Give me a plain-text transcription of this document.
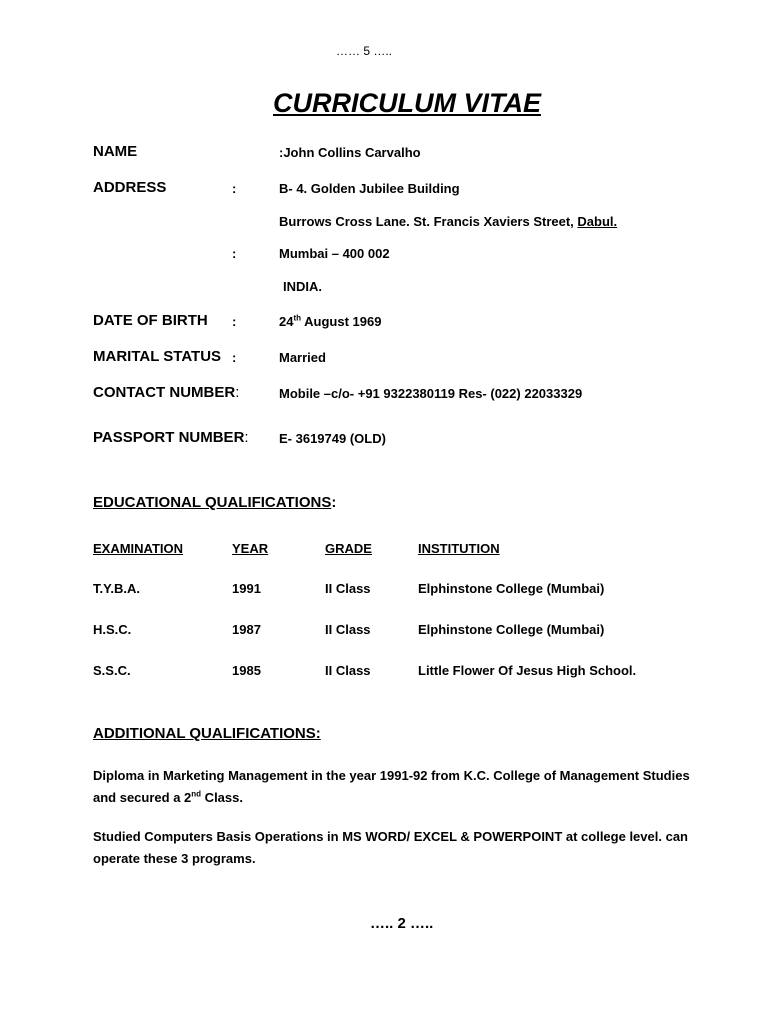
…… 5 …..
CURRICULUM VITAE
NAME	:John Collins Carvalho
ADDRESS	:	B- 4. Golden Jubilee Building
Burrows Cross Lane. St. Francis Xaviers Street, Dabul.
:	Mumbai – 400 002
INDIA.
DATE OF BIRTH :	24th August 1969
MARITAL STATUS :	Married
CONTACT NUMBER:	Mobile –c/o- +91 9322380119 Res- (022) 22033329
PASSPORT NUMBER: E- 3619749 (OLD)
EDUCATIONAL QUALIFICATIONS:
EXAMINATION	YEAR	GRADE	INSTITUTION
T.Y.B.A.	1991	II Class	Elphinstone College (Mumbai)
H.S.C.	1987	II Class	Elphinstone College (Mumbai)
S.S.C.	1985	II Class	Little Flower Of Jesus High School.
ADDITIONAL QUALIFICATIONS:
Diploma in Marketing Management in the year 1991-92 from K.C. College of Management Studies and secured a 2nd Class.
Studied Computers Basis Operations in MS WORD/ EXCEL & POWERPOINT at college level. can operate these 3 programs.
….. 2 …..
